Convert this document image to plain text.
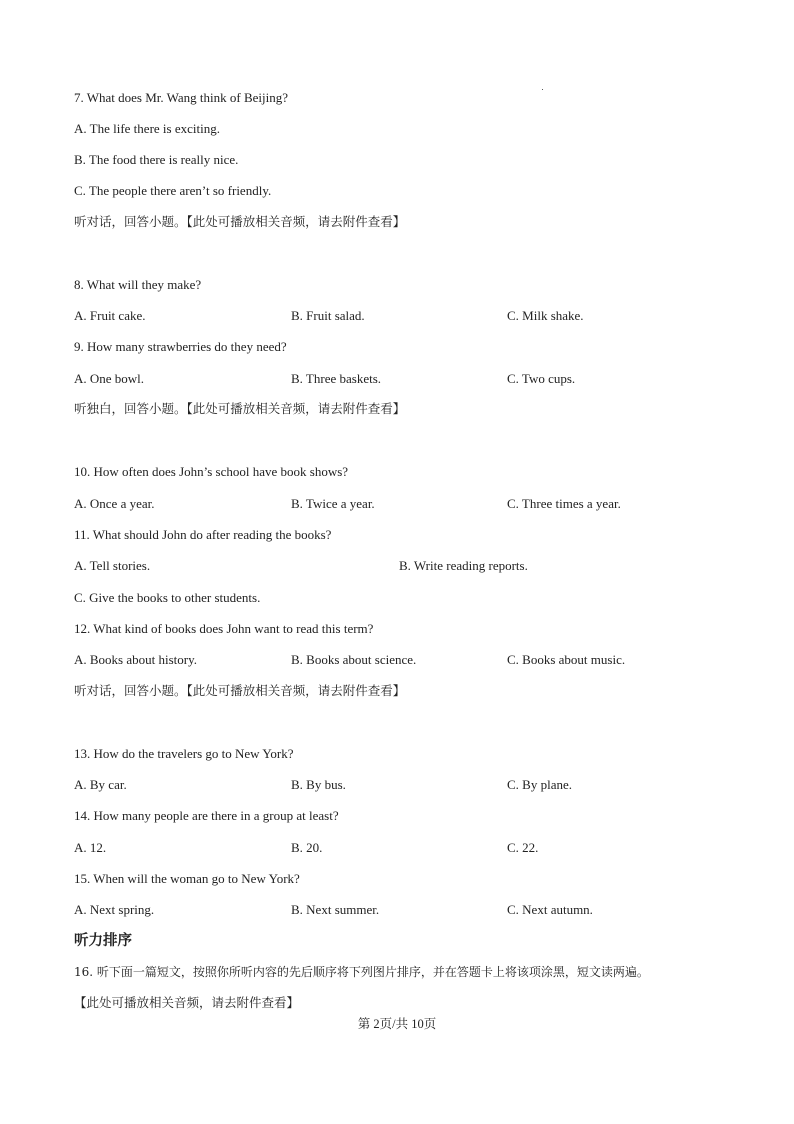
7. What does Mr. Wang think of Beijing?
A. The life there is exciting.
B. The food there is really nice.
C. The people there aren’t so friendly.
听对话，回答小题。【此处可播放相关音频，请去附件查看】
8. What will they make?
A. Fruit cake.	B. Fruit salad.	C. Milk shake.
9. How many strawberries do they need?
A. One bowl.	B. Three baskets.	C. Two cups.
听独白，回答小题。【此处可播放相关音频，请去附件查看】
10. How often does John’s school have book shows?
A. Once a year.	B. Twice a year.	C. Three times a year.
11. What should John do after reading the books?
A. Tell stories.	B. Write reading reports.
C. Give the books to other students.
12. What kind of books does John want to read this term?
A. Books about history.	B. Books about science.	C. Books about music.
听对话，回答小题。【此处可播放相关音频，请去附件查看】
13. How do the travelers go to New York?
A. By car.	B. By bus.	C. By plane.
14. How many people are there in a group at least?
A. 12.	B. 20.	C. 22.
15. When will the woman go to New York?
A. Next spring.	B. Next summer.	C. Next autumn.
听力排序
16. 听下面一篇短文，按照你所听内容的先后顺序将下列图片排序，并在答题卡上将该项涂黑，短文读两遍。
【此处可播放相关音频，请去附件查看】
第 2页/共 10页
